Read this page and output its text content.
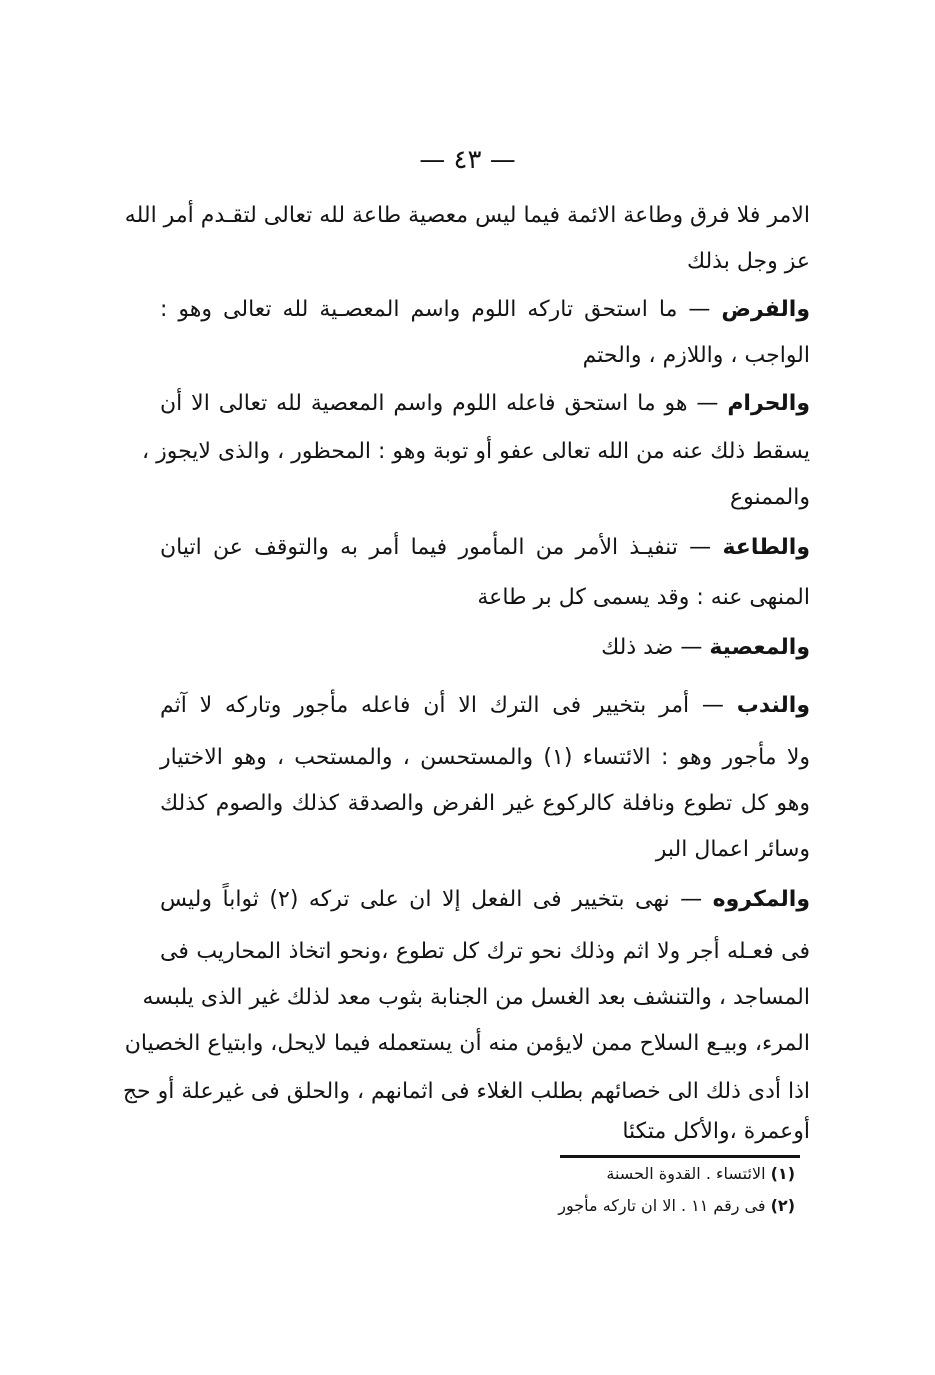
— ٤٣ —
الامر فلا فرق وطاعة الائمة فيما ليس معصية طاعة لله تعالى لتقـدم أمر الله
عز وجل بذلك
والفرض — ما استحق تاركه اللوم واسم المعصـية لله تعالى وهو :
الواجب ، واللازم ، والحتم
والحرام — هو ما استحق فاعله اللوم واسم المعصية لله تعالى الا أن
يسقط ذلك عنه من الله تعالى عفو أو توبة وهو : المحظور ، والذى لايجوز ،
والممنوع
والطاعة — تنفيـذ الأمر من المأمور فيما أمر به والتوقف عن اتيان
المنهى عنه : وقد يسمى كل بر طاعة
والمعصية — ضد ذلك
والندب — أمر بتخيير فى الترك الا أن فاعله مأجور وتاركه لا آثم
ولا مأجور وهو : الائتساء (١) والمستحسن ، والمستحب ، وهو الاختيار
وهو كل تطوع ونافلة كالركوع غير الفرض والصدقة كذلك والصوم كذلك
وسائر اعمال البر
والمكروه — نهى بتخيير فى الفعل إلا ان على تركه (٢) ثواباً وليس
فى فعـله أجر ولا اثم وذلك نحو ترك كل تطوع ،ونحو اتخاذ المحاريب فى
المساجد ، والتنشف بعد الغسل من الجنابة بثوب معد لذلك غير الذى يلبسه
المرء، وبيـع السلاح ممن لايؤمن منه أن يستعمله فيما لايحل، وابتياع الخصيان
اذا أدى ذلك الى خصائهم بطلب الغلاء فى اثمانهم ، والحلق فى غيرعلة أو حج
أوعمرة ،والأكل متكئا
(١) الائتساء . القدوة الحسنة
(٢) فى رقم ١١ . الا ان تاركه مأجور
